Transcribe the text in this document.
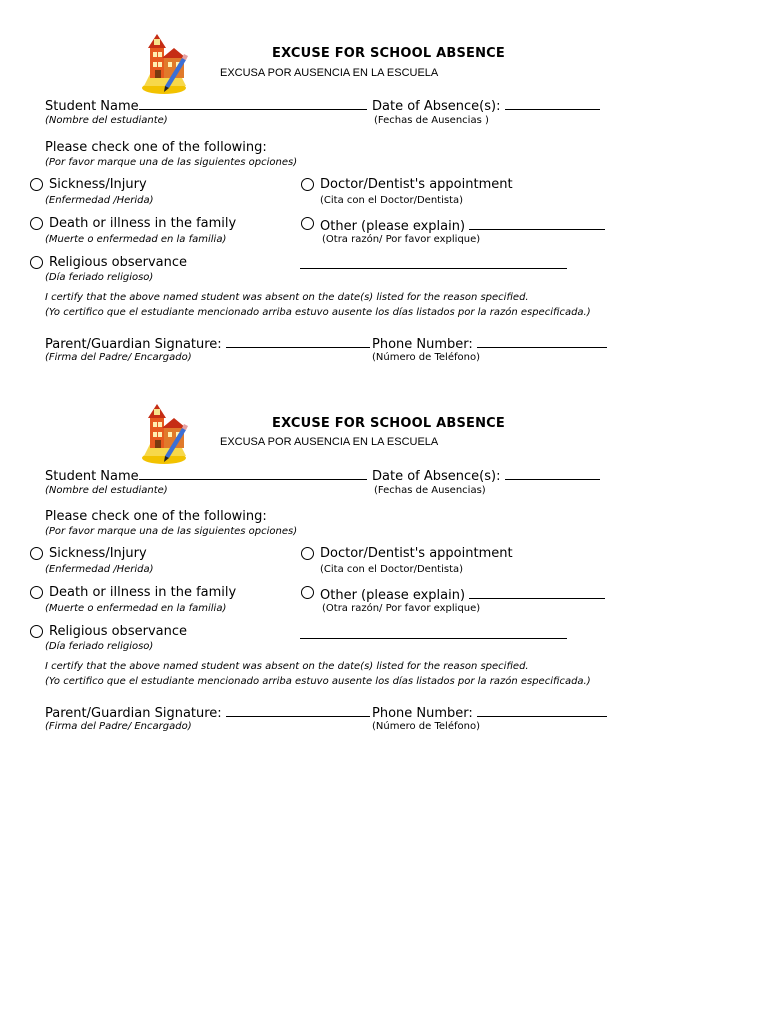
EXCUSE FOR SCHOOL ABSENCE
EXCUSA POR AUSENCIA EN LA ESCUELA
Student Name
(Nombre del estudiante)
Date of Absence(s):
(Fechas de Ausencias )
Please check one of the following:
(Por favor marque una de las siguientes opciones)
Sickness/Injury
(Enfermedad /Herida)
Doctor/Dentist's appointment
(Cita con el Doctor/Dentista)
Death or illness in the family
(Muerte o enfermedad en la familia)
Other (please explain)
(Otra razón/ Por favor explique)
Religious observance
(Día feriado religioso)
I certify that the above named student was absent on the date(s) listed for the reason specified.
(Yo certifico que el estudiante mencionado arriba estuvo ausente los días listados por la razón especificada.)
Parent/Guardian Signature:
(Firma del Padre/ Encargado)
Phone Number:
(Número de Teléfono)
EXCUSE FOR SCHOOL ABSENCE
EXCUSA POR AUSENCIA EN LA ESCUELA
Student Name
(Nombre del estudiante)
Date of Absence(s):
(Fechas de Ausencias)
Please check one of the following:
(Por favor marque una de las siguientes opciones)
Sickness/Injury
(Enfermedad /Herida)
Doctor/Dentist's appointment
(Cita con el Doctor/Dentista)
Death or illness in the family
(Muerte o enfermedad en la familia)
Other (please explain)
(Otra razón/ Por favor explique)
Religious observance
(Día feriado religioso)
I certify that the above named student was absent on the date(s) listed for the reason specified.
(Yo certifico que el estudiante mencionado arriba estuvo ausente los días listados por la razón especificada.)
Parent/Guardian Signature:
(Firma del Padre/ Encargado)
Phone Number:
(Número de Teléfono)
